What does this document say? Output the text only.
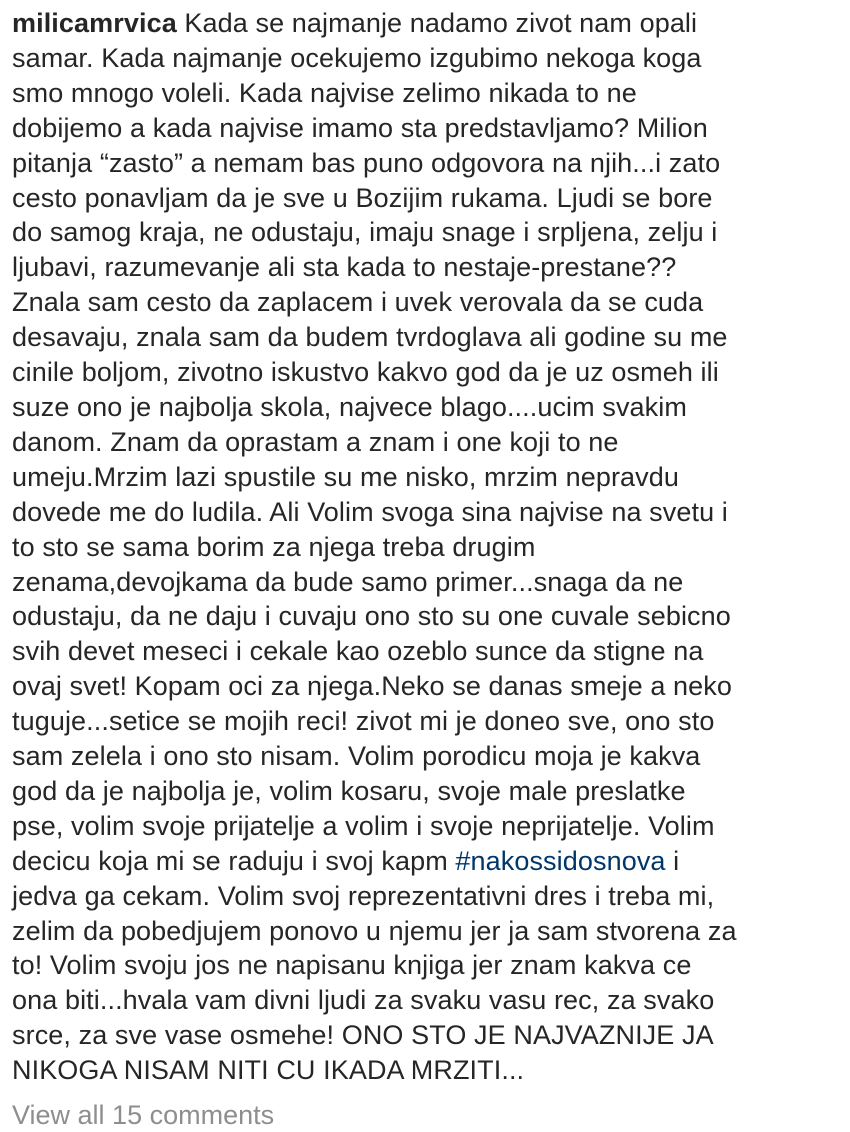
milicamrvica Kada se najmanje nadamo zivot nam opali
samar. Kada najmanje ocekujemo izgubimo nekoga koga
smo mnogo voleli. Kada najvise zelimo nikada to ne
dobijemo a kada najvise imamo sta predstavljamo? Milion
pitanja “zasto” a nemam bas puno odgovora na njih...i zato
cesto ponavljam da je sve u Bozijim rukama. Ljudi se bore
do samog kraja, ne odustaju, imaju snage i srpljena, zelju i
ljubavi, razumevanje ali sta kada to nestaje-prestane??
Znala sam cesto da zaplacem i uvek verovala da se cuda
desavaju, znala sam da budem tvrdoglava ali godine su me
cinile boljom, zivotno iskustvo kakvo god da je uz osmeh ili
suze ono je najbolja skola, najvece blago....ucim svakim
danom. Znam da oprastam a znam i one koji to ne
umeju.Mrzim lazi spustile su me nisko, mrzim nepravdu
dovede me do ludila. Ali Volim svoga sina najvise na svetu i
to sto se sama borim za njega treba drugim
zenama,devojkama da bude samo primer...snaga da ne
odustaju, da ne daju i cuvaju ono sto su one cuvale sebicno
svih devet meseci i cekale kao ozeblo sunce da stigne na
ovaj svet! Kopam oci za njega.Neko se danas smeje a neko
tuguje...setice se mojih reci! zivot mi je doneo sve, ono sto
sam zelela i ono sto nisam. Volim porodicu moja je kakva
god da je najbolja je, volim kosaru, svoje male preslatke
pse, volim svoje prijatelje a volim i svoje neprijatelje. Volim
decicu koja mi se raduju i svoj kapm #nakossidosnova i
jedva ga cekam. Volim svoj reprezentativni dres i treba mi,
zelim da pobedjujem ponovo u njemu jer ja sam stvorena za
to! Volim svoju jos ne napisanu knjiga jer znam kakva ce
ona biti...hvala vam divni ljudi za svaku vasu rec, za svako
srce, za sve vase osmehe! ONO STO JE NAJVAZNIJE JA
NIKOGA NISAM NITI CU IKADA MRZITI...

View all 15 comments
